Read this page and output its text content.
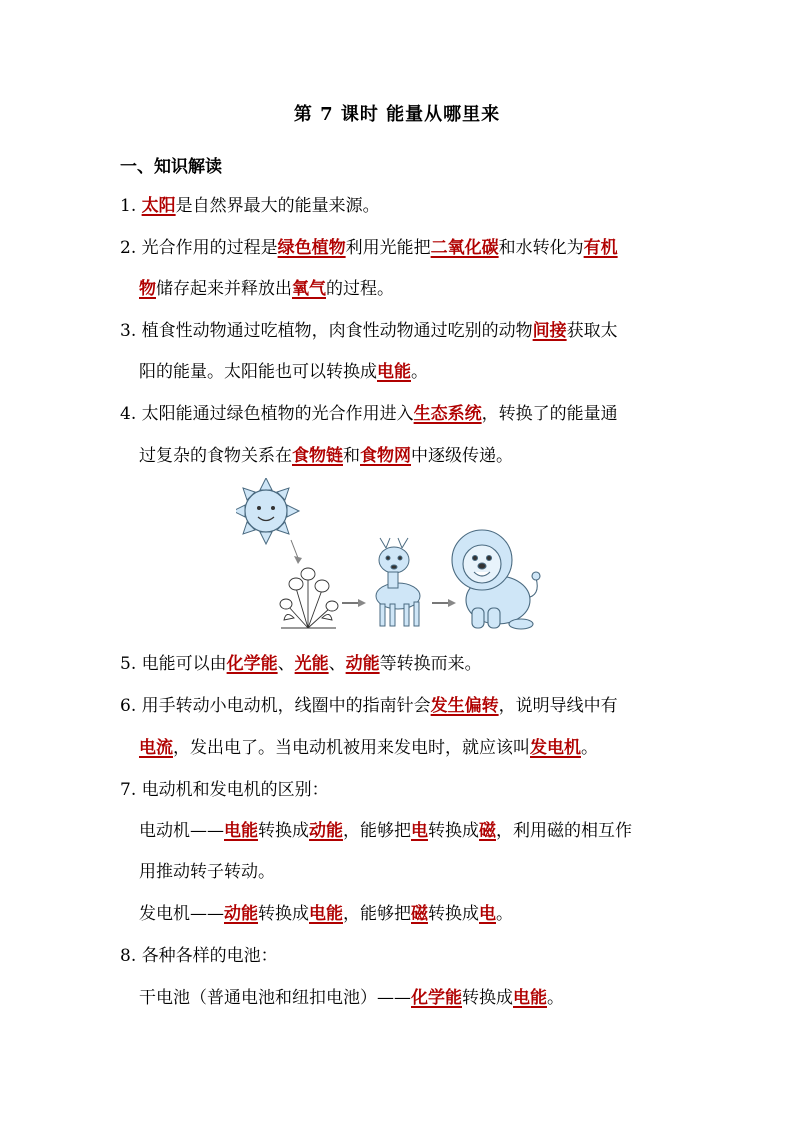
第 7 课时 能量从哪里来
一、知识解读
1. 太阳是自然界最大的能量来源。
2. 光合作用的过程是绿色植物利用光能把二氧化碳和水转化为有机
物储存起来并释放出氧气的过程。
3. 植食性动物通过吃植物，肉食性动物通过吃别的动物间接获取太
阳的能量。太阳能也可以转换成电能。
4. 太阳能通过绿色植物的光合作用进入生态系统，转换了的能量通
过复杂的食物关系在食物链和食物网中逐级传递。
5. 电能可以由化学能、光能、动能等转换而来。
6. 用手转动小电动机，线圈中的指南针会发生偏转，说明导线中有
电流，发出电了。当电动机被用来发电时，就应该叫发电机。
7. 电动机和发电机的区别：
电动机——电能转换成动能，能够把电转换成磁，利用磁的相互作
用推动转子转动。
发电机——动能转换成电能，能够把磁转换成电。
8. 各种各样的电池：
干电池（普通电池和纽扣电池）——化学能转换成电能。
